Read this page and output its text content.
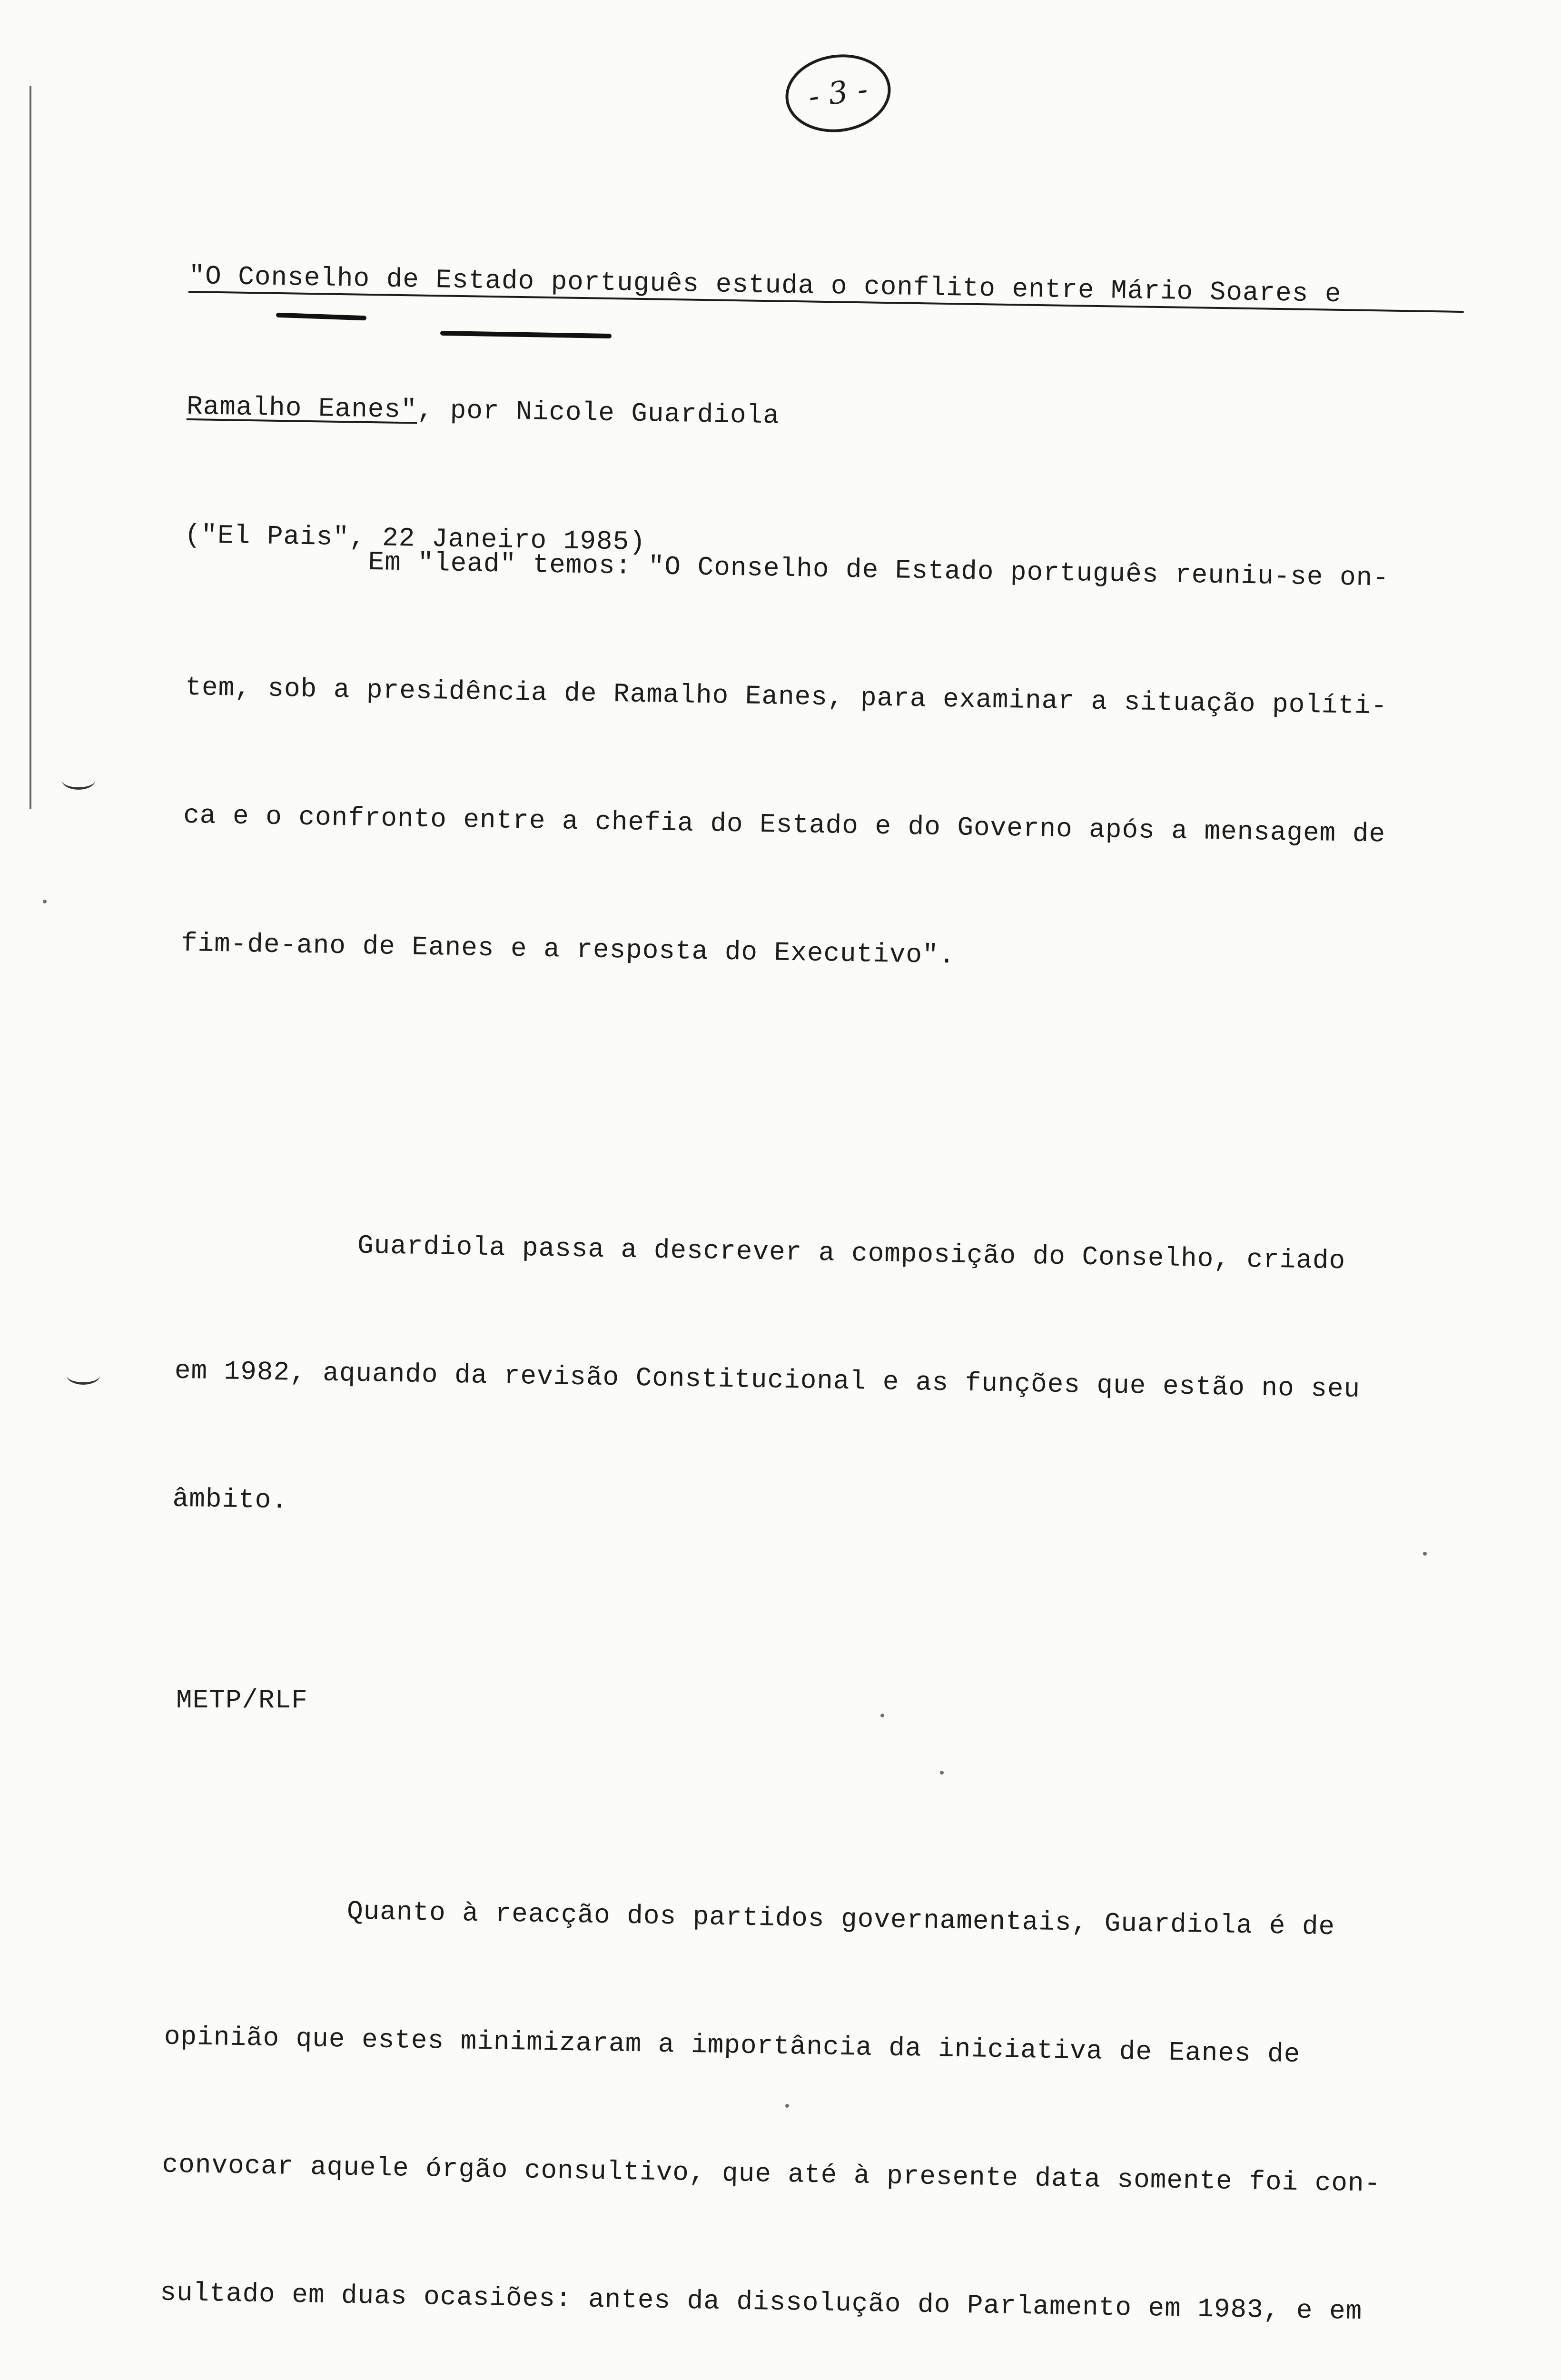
- 3 -

"O Conselho de Estado português estuda o conflito entre Mário Soares e

Ramalho Eanes", por Nicole Guardiola

("El Pais", 22 Janeiro 1985)

Em "lead" temos: "O Conselho de Estado português reuniu-se on-

tem, sob a presidência de Ramalho Eanes, para examinar a situação políti-

ca e o confronto entre a chefia do Estado e do Governo após a mensagem de

fim-de-ano de Eanes e a resposta do Executivo".

Guardiola passa a descrever a composição do Conselho, criado

em 1982, aquando da revisão Constitucional e as funções que estão no seu

âmbito.

Quanto à reacção dos partidos governamentais, Guardiola é de

opinião que estes minimizaram a importância da iniciativa de Eanes de

convocar aquele órgão consultivo, que até à presente data somente foi con-

sultado em duas ocasiões: antes da dissolução do Parlamento em 1983, e em

METP/RLF
